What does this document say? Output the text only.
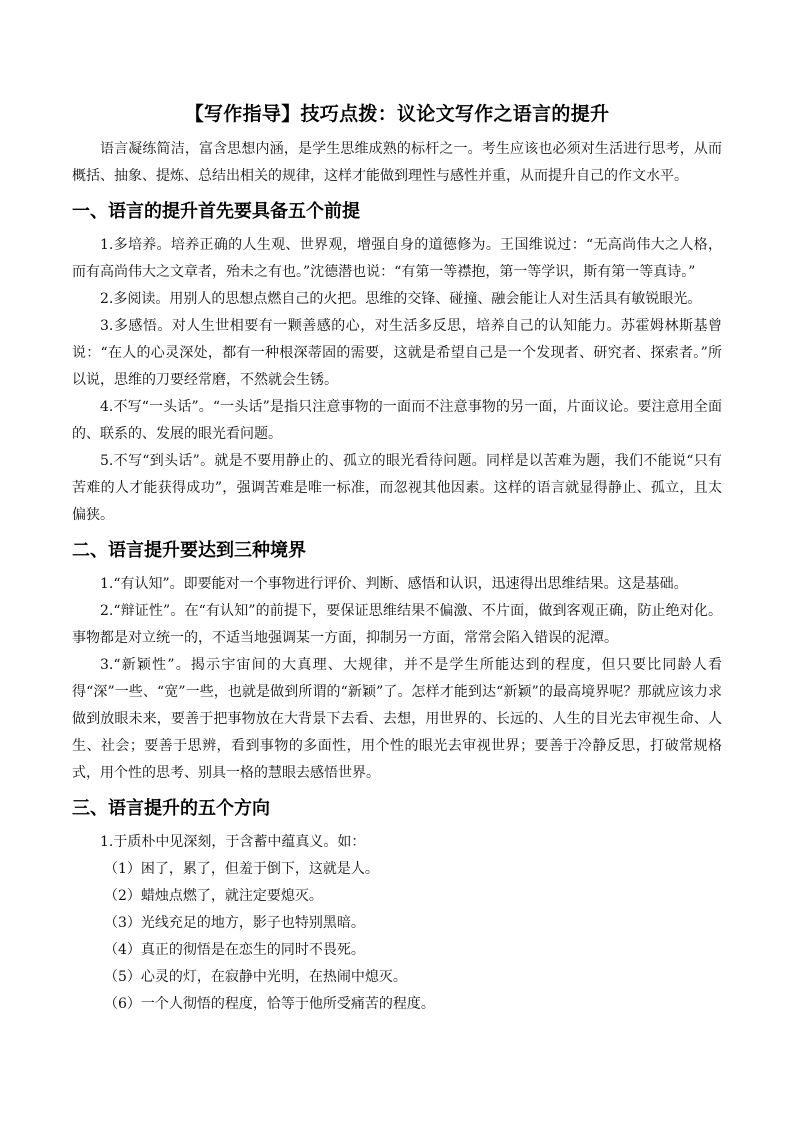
【写作指导】技巧点拨：议论文写作之语言的提升

语言凝练简洁，富含思想内涵，是学生思维成熟的标杆之一。考生应该也必须对生活进行思考，从而概括、抽象、提炼、总结出相关的规律，这样才能做到理性与感性并重，从而提升自己的作文水平。

一、语言的提升首先要具备五个前提

1.多培养。培养正确的人生观、世界观，增强自身的道德修为。王国维说过：“无高尚伟大之人格，而有高尚伟大之文章者，殆未之有也。”沈德潜也说：“有第一等襟抱，第一等学识，斯有第一等真诗。”

2.多阅读。用别人的思想点燃自己的火把。思维的交锋、碰撞、融会能让人对生活具有敏锐眼光。

3.多感悟。对人生世相要有一颗善感的心，对生活多反思，培养自己的认知能力。苏霍姆林斯基曾说：“在人的心灵深处，都有一种根深蒂固的需要，这就是希望自己是一个发现者、研究者、探索者。”所以说，思维的刀要经常磨，不然就会生锈。

4.不写“一头话”。“一头话”是指只注意事物的一面而不注意事物的另一面，片面议论。要注意用全面的、联系的、发展的眼光看问题。

5.不写“到头话”。就是不要用静止的、孤立的眼光看待问题。同样是以苦难为题，我们不能说“只有苦难的人才能获得成功”，强调苦难是唯一标准，而忽视其他因素。这样的语言就显得静止、孤立，且太偏狭。

二、语言提升要达到三种境界

1.“有认知”。即要能对一个事物进行评价、判断、感悟和认识，迅速得出思维结果。这是基础。

2.“辩证性”。在“有认知”的前提下，要保证思维结果不偏激、不片面，做到客观正确，防止绝对化。事物都是对立统一的，不适当地强调某一方面，抑制另一方面，常常会陷入错误的泥潭。

3.“新颖性”。揭示宇宙间的大真理、大规律，并不是学生所能达到的程度，但只要比同龄人看得“深”一些、“宽”一些，也就是做到所谓的“新颖”了。怎样才能到达“新颖”的最高境界呢？那就应该力求做到放眼未来，要善于把事物放在大背景下去看、去想，用世界的、长远的、人生的目光去审视生命、人生、社会；要善于思辨，看到事物的多面性，用个性的眼光去审视世界；要善于冷静反思，打破常规格式，用个性的思考、别具一格的慧眼去感悟世界。

三、语言提升的五个方向

1.于质朴中见深刻，于含蓄中蕴真义。如：

（1）困了，累了，但羞于倒下，这就是人。

（2）蜡烛点燃了，就注定要熄灭。

（3）光线充足的地方，影子也特别黑暗。

（4）真正的彻悟是在恋生的同时不畏死。

（5）心灵的灯，在寂静中光明，在热闹中熄灭。

（6）一个人彻悟的程度，恰等于他所受痛苦的程度。
